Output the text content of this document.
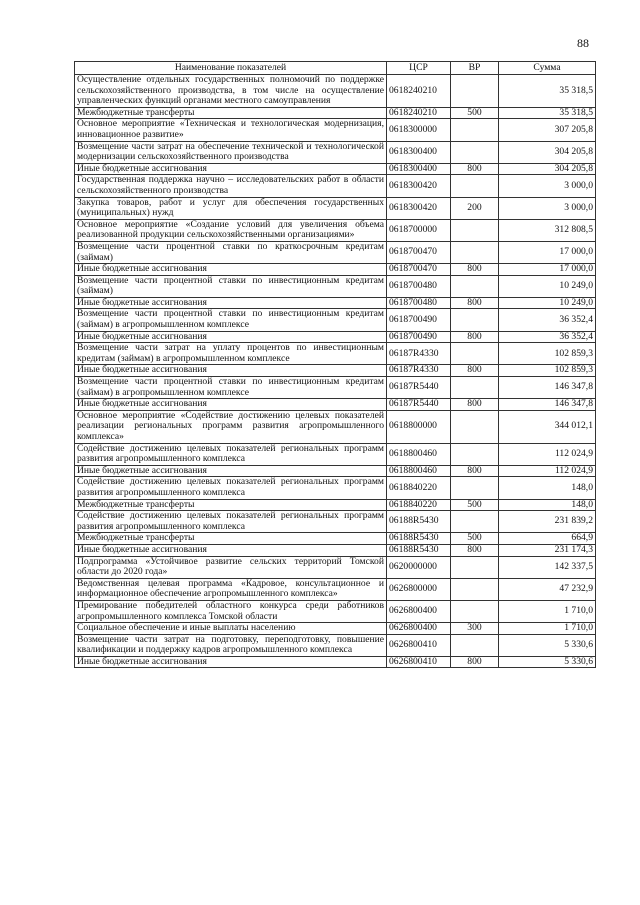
88
Наименование показателей	ЦСР	ВР	Сумма
Осуществление отдельных государственных полномочий по поддержке сельскохозяйственного производства, в том числе на осуществление управленческих функций органами местного самоуправления	0618240210		35 318,5
Межбюджетные трансферты	0618240210	500	35 318,5
Основное мероприятие «Техническая и технологическая модернизация, инновационное развитие»	0618300000		307 205,8
Возмещение части затрат на обеспечение технической и технологической модернизации сельскохозяйственного производства	0618300400		304 205,8
Иные бюджетные ассигнования	0618300400	800	304 205,8
Государственная поддержка научно – исследовательских работ в области сельскохозяйственного производства	0618300420		3 000,0
Закупка товаров, работ и услуг для обеспечения государственных (муниципальных) нужд	0618300420	200	3 000,0
Основное мероприятие «Создание условий для увеличения объема реализованной продукции сельскохозяйственными организациями»	0618700000		312 808,5
Возмещение части процентной ставки по краткосрочным кредитам (займам)	0618700470		17 000,0
Иные бюджетные ассигнования	0618700470	800	17 000,0
Возмещение части процентной ставки по инвестиционным кредитам (займам)	0618700480		10 249,0
Иные бюджетные ассигнования	0618700480	800	10 249,0
Возмещение части процентной ставки по инвестиционным кредитам (займам) в агропромышленном комплексе	0618700490		36 352,4
Иные бюджетные ассигнования	0618700490	800	36 352,4
Возмещение части затрат на уплату процентов по инвестиционным кредитам (займам) в агропромышленном комплексе	06187R4330		102 859,3
Иные бюджетные ассигнования	06187R4330	800	102 859,3
Возмещение части процентной ставки по инвестиционным кредитам (займам) в агропромышленном комплексе	06187R5440		146 347,8
Иные бюджетные ассигнования	06187R5440	800	146 347,8
Основное мероприятие «Содействие достижению целевых показателей реализации региональных программ развития агропромышленного комплекса»	0618800000		344 012,1
Содействие достижению целевых показателей региональных программ развития агропромышленного комплекса	0618800460		112 024,9
Иные бюджетные ассигнования	0618800460	800	112 024,9
Содействие достижению целевых показателей региональных программ развития агропромышленного комплекса	0618840220		148,0
Межбюджетные трансферты	0618840220	500	148,0
Содействие достижению целевых показателей региональных программ развития агропромышленного комплекса	06188R5430		231 839,2
Межбюджетные трансферты	06188R5430	500	664,9
Иные бюджетные ассигнования	06188R5430	800	231 174,3
Подпрограмма «Устойчивое развитие сельских территорий Томской области до 2020 года»	0620000000		142 337,5
Ведомственная целевая программа «Кадровое, консультационное и информационное обеспечение агропромышленного комплекса»	0626800000		47 232,9
Премирование победителей областного конкурса среди работников агропромышленного комплекса Томской области	0626800400		1 710,0
Социальное обеспечение и иные выплаты населению	0626800400	300	1 710,0
Возмещение части затрат на подготовку, переподготовку, повышение квалификации и поддержку кадров агропромышленного комплекса	0626800410		5 330,6
Иные бюджетные ассигнования	0626800410	800	5 330,6
